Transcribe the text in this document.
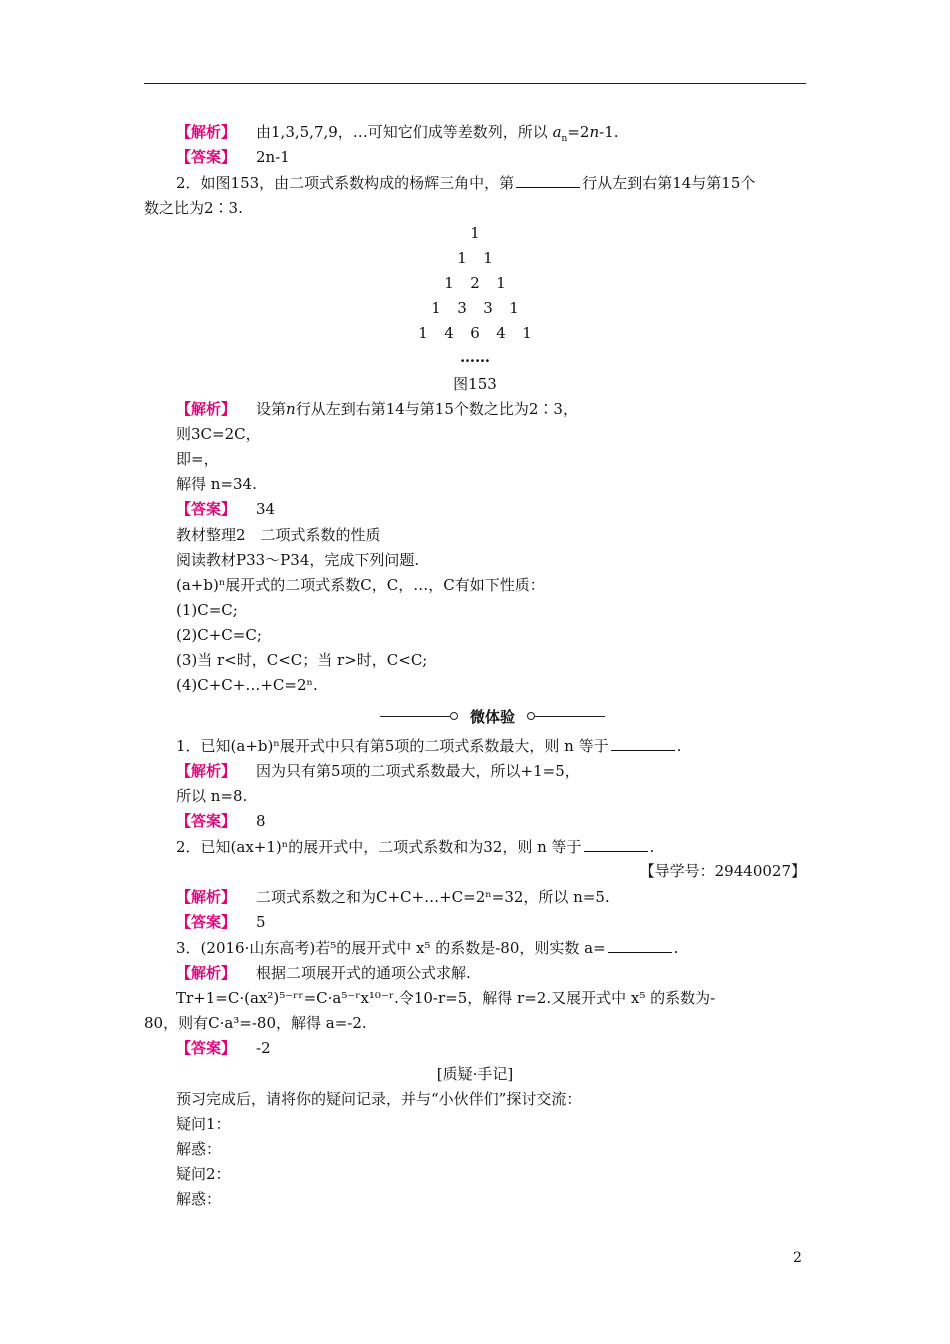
【解析】 由1,3,5,7,9，…可知它们成等差数列，所以 $a_n=2n-1$.
【答案】 2n-1
2．如图153，由二项式系数构成的杨辉三角中，第	行从左到右第14与第15个
数之比为2∶3.
1
1 1
1 2 1
1 3 3 1
1 4 6 4 1
……
图153
【解析】 设第n行从左到右第14与第15个数之比为2∶3，
则3C=2C，
即=，
解得 n=34.
【答案】 34
教材整理2　二项式系数的性质
阅读教材P33～P34，完成下列问题.
(a+b)ⁿ展开式的二项式系数C，C，…，C有如下性质：
(1)C=C;
(2)C+C=C;
(3)当 r<时，C<C；当 r>时，C<C;
(4)C+C+…+C=2ⁿ.
微体验
1．已知(a+b)ⁿ展开式中只有第5项的二项式系数最大，则 n 等于	.
【解析】 因为只有第5项的二项式系数最大，所以+1=5，
所以 n=8.
【答案】 8
2．已知(ax+1)ⁿ的展开式中，二项式系数和为32，则 n 等于	.
【导学号：29440027】
【解析】 二项式系数之和为C+C+…+C=2ⁿ=32，所以 n=5.
【答案】 5
3．(2016·山东高考)若⁵的展开式中 x⁵ 的系数是-80，则实数 a=	.
【解析】 根据二项展开式的通项公式求解.
Tr+1=C·(ax²)⁵⁻ʳʳ=C·a⁵⁻ʳx¹⁰⁻ʳ.令10-r=5，解得 r=2.又展开式中 x⁵ 的系数为-
80，则有C·a³=-80，解得 a=-2.
【答案】 -2
[质疑·手记]
预习完成后，请将你的疑问记录，并与“小伙伴们”探讨交流：
疑问1：
解惑：
疑问2：
解惑：
2
